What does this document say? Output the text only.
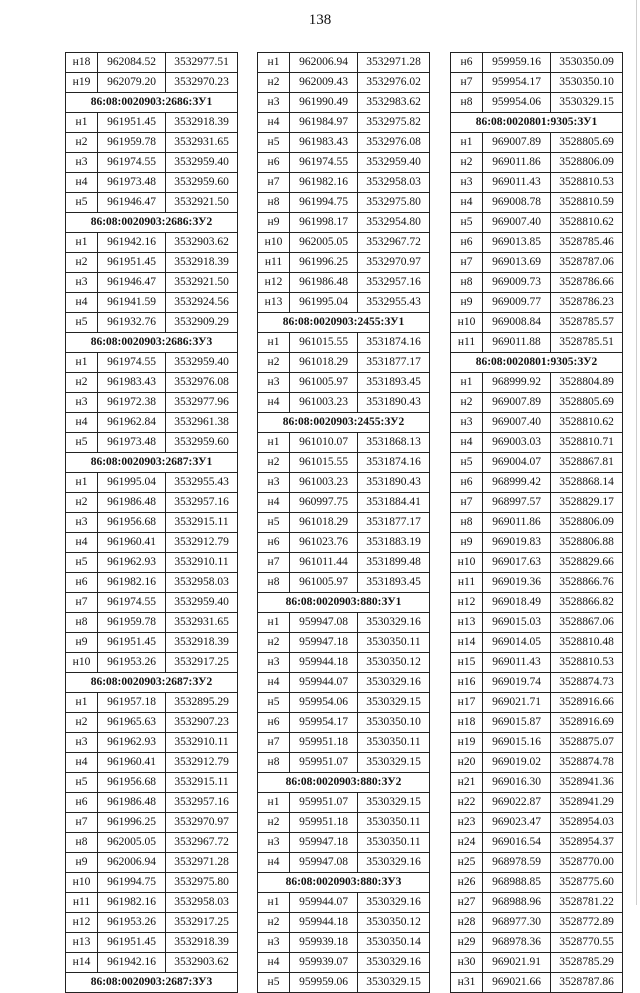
138
н18	962084.52	3532977.51
н19	962079.20	3532970.23
86:08:0020903:2686:ЗУ1		
н1	961951.45	3532918.39
н2	961959.78	3532931.65
н3	961974.55	3532959.40
н4	961973.48	3532959.60
н5	961946.47	3532921.50
86:08:0020903:2686:ЗУ2		
н1	961942.16	3532903.62
н2	961951.45	3532918.39
н3	961946.47	3532921.50
н4	961941.59	3532924.56
н5	961932.76	3532909.29
86:08:0020903:2686:ЗУ3		
н1	961974.55	3532959.40
н2	961983.43	3532976.08
н3	961972.38	3532977.96
н4	961962.84	3532961.38
н5	961973.48	3532959.60
86:08:0020903:2687:ЗУ1		
н1	961995.04	3532955.43
н2	961986.48	3532957.16
н3	961956.68	3532915.11
н4	961960.41	3532912.79
н5	961962.93	3532910.11
н6	961982.16	3532958.03
н7	961974.55	3532959.40
н8	961959.78	3532931.65
н9	961951.45	3532918.39
н10	961953.26	3532917.25
86:08:0020903:2687:ЗУ2		
н1	961957.18	3532895.29
н2	961965.63	3532907.23
н3	961962.93	3532910.11
н4	961960.41	3532912.79
н5	961956.68	3532915.11
н6	961986.48	3532957.16
н7	961996.25	3532970.97
н8	962005.05	3532967.72
н9	962006.94	3532971.28
н10	961994.75	3532975.80
н11	961982.16	3532958.03
н12	961953.26	3532917.25
н13	961951.45	3532918.39
н14	961942.16	3532903.62
86:08:0020903:2687:ЗУ3		
н1	962006.94	3532971.28
н2	962009.43	3532976.02
н3	961990.49	3532983.62
н4	961984.97	3532975.82
н5	961983.43	3532976.08
н6	961974.55	3532959.40
н7	961982.16	3532958.03
н8	961994.75	3532975.80
н9	961998.17	3532954.80
н10	962005.05	3532967.72
н11	961996.25	3532970.97
н12	961986.48	3532957.16
н13	961995.04	3532955.43
86:08:0020903:2455:ЗУ1		
н1	961015.55	3531874.16
н2	961018.29	3531877.17
н3	961005.97	3531893.45
н4	961003.23	3531890.43
86:08:0020903:2455:ЗУ2		
н1	961010.07	3531868.13
н2	961015.55	3531874.16
н3	961003.23	3531890.43
н4	960997.75	3531884.41
н5	961018.29	3531877.17
н6	961023.76	3531883.19
н7	961011.44	3531899.48
н8	961005.97	3531893.45
86:08:0020903:880:ЗУ1		
н1	959947.08	3530329.16
н2	959947.18	3530350.11
н3	959944.18	3530350.12
н4	959944.07	3530329.16
н5	959954.06	3530329.15
н6	959954.17	3530350.10
н7	959951.18	3530350.11
н8	959951.07	3530329.15
86:08:0020903:880:ЗУ2		
н1	959951.07	3530329.15
н2	959951.18	3530350.11
н3	959947.18	3530350.11
н4	959947.08	3530329.16
86:08:0020903:880:ЗУ3		
н1	959944.07	3530329.16
н2	959944.18	3530350.12
н3	959939.18	3530350.14
н4	959939.07	3530329.16
н5	959959.06	3530329.15
н6	959959.16	3530350.09
н7	959954.17	3530350.10
н8	959954.06	3530329.15
86:08:0020801:9305:ЗУ1		
н1	969007.89	3528805.69
н2	969011.86	3528806.09
н3	969011.43	3528810.53
н4	969008.78	3528810.59
н5	969007.40	3528810.62
н6	969013.85	3528785.46
н7	969013.69	3528787.06
н8	969009.73	3528786.66
н9	969009.77	3528786.23
н10	969008.84	3528785.57
н11	969011.88	3528785.51
86:08:0020801:9305:ЗУ2		
н1	968999.92	3528804.89
н2	969007.89	3528805.69
н3	969007.40	3528810.62
н4	969003.03	3528810.71
н5	969004.07	3528867.81
н6	968999.42	3528868.14
н7	968997.57	3528829.17
н8	969011.86	3528806.09
н9	969019.83	3528806.88
н10	969017.63	3528829.66
н11	969019.36	3528866.76
н12	969018.49	3528866.82
н13	969015.03	3528867.06
н14	969014.05	3528810.48
н15	969011.43	3528810.53
н16	969019.74	3528874.73
н17	969021.71	3528916.66
н18	969015.87	3528916.69
н19	969015.16	3528875.07
н20	969019.02	3528874.78
н21	969016.30	3528941.36
н22	969022.87	3528941.29
н23	969023.47	3528954.03
н24	969016.54	3528954.37
н25	968978.59	3528770.00
н26	968988.85	3528775.60
н27	968988.96	3528781.22
н28	968977.30	3528772.89
н29	968978.36	3528770.55
н30	969021.91	3528785.29
н31	969021.66	3528787.86
